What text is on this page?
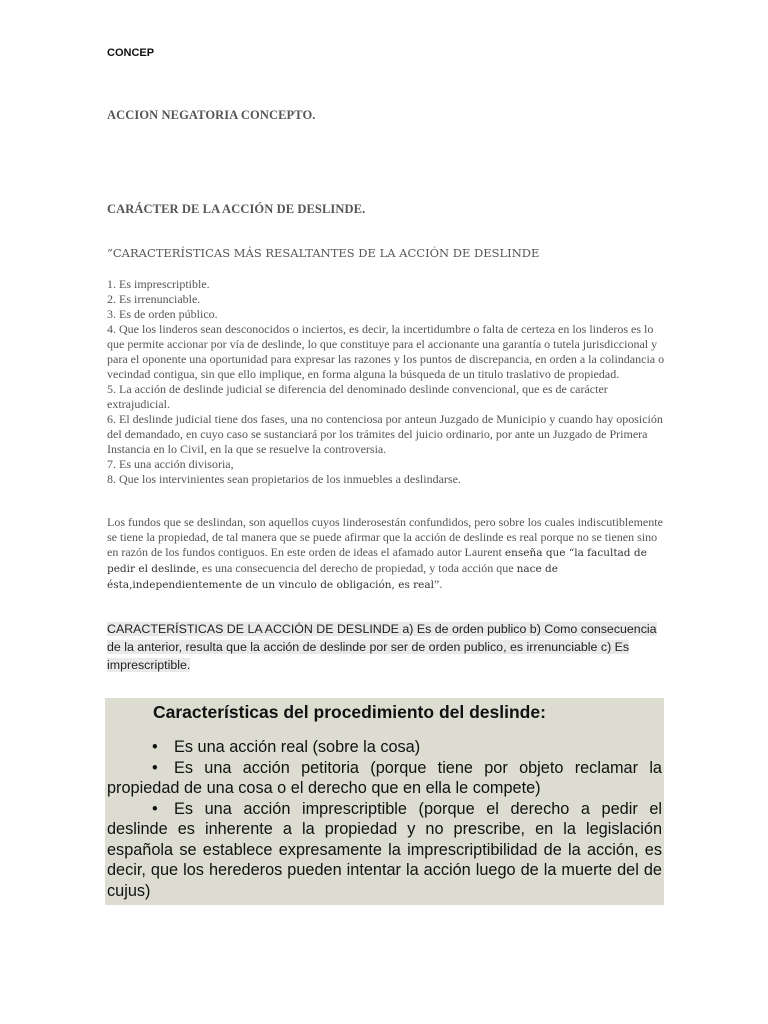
CONCEP
ACCION NEGATORIA CONCEPTO.
CARÁCTER DE LA ACCIÓN DE DESLINDE.
”CARACTERÍSTICAS MÁS RESALTANTES DE LA ACCIÓN DE DESLINDE

1. Es imprescriptible.

2. Es irrenunciable.

3. Es de orden público.

4. Que los linderos sean desconocidos o inciertos, es decir, la incertidumbre o falta de certeza en los linderos es lo que permite accionar por vía de deslinde, lo que constituye para el accionante una garantía o tutela jurisdiccional y para el oponente una oportunidad para expresar las razones y los puntos de discrepancia, en orden a la colindancia o vecindad contigua, sin que ello implique, en forma alguna la búsqueda de un titulo traslativo de propiedad.

5. La acción de deslinde judicial se diferencia del denominado deslinde convencional, que es de carácter extrajudicial.

6. El deslinde judicial tiene dos fases, una no contenciosa por anteun Juzgado de Municipio y cuando hay oposición del demandado, en cuyo caso se sustanciará por los trámites del juicio ordinario, por ante un Juzgado de Primera Instancia en lo Civil, en la que se resuelve la controversia.

7. Es una acción divisoria,

8. Que los intervinientes sean propietarios de los inmuebles a deslindarse.

Los fundos que se deslindan, son aquellos cuyos linderosestán confundidos, pero sobre los cuales indiscutiblemente se tiene la propiedad, de tal manera que se puede afirmar que la acción de deslinde es real porque no se tienen sino en razón de los fundos contiguos. En este orden de ideas el afamado autor Laurent enseña que “la facultad de pedir el deslinde, es una consecuencia del derecho de propiedad, y toda acción que nace de ésta,independientemente de un vinculo de obligación, es real”.
CARACTERÍSTICAS DE LA ACCIÓN DE DESLINDE a) Es de orden publico b) Como consecuencia de la anterior, resulta que la acción de deslinde por ser de orden publico, es irrenunciable c) Es imprescriptible.
Características del procedimiento del deslinde:

• Es una acción real (sobre la cosa)

• Es una acción petitoria (porque tiene por objeto reclamar la propiedad de una cosa o el derecho que en ella le compete)

• Es una acción imprescriptible (porque el derecho a pedir el deslinde es inherente a la propiedad y no prescribe, en la legislación española se establece expresamente la imprescriptibilidad de la acción, es decir, que los herederos pueden intentar la acción luego de la muerte del de cujus)
